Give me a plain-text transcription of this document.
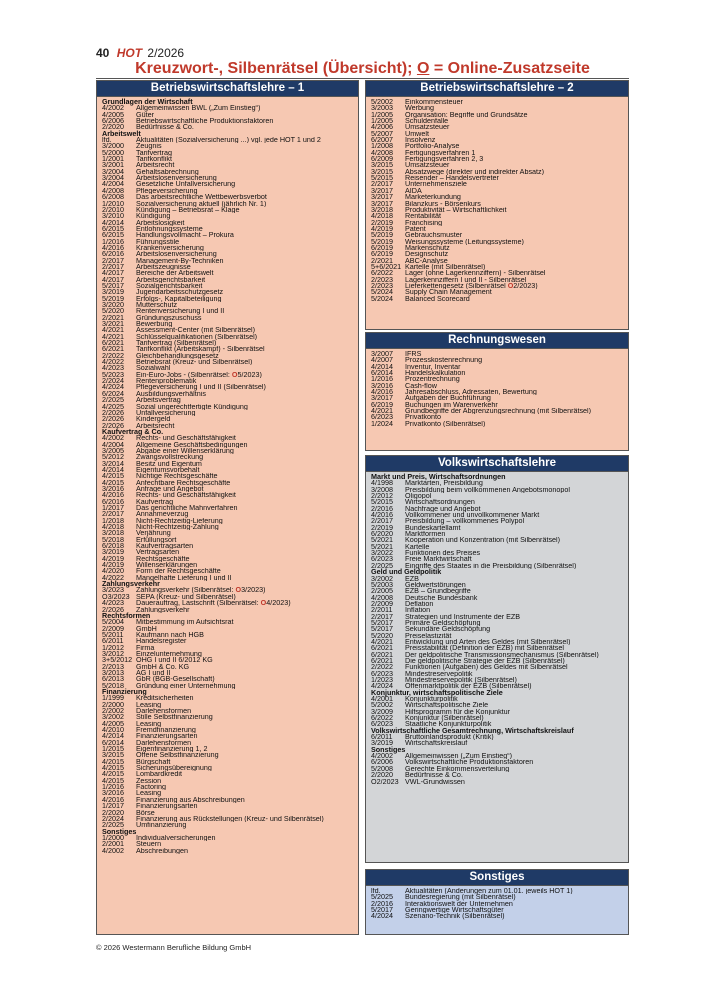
40 HOT 2/2026
Kreuzwort-, Silbenrätsel (Übersicht); O = Online-Zusatzseite
Betriebswirtschaftslehre – 1
Grundlagen der Wirtschaft
4/2002 Allgemeinwissen BWL („Zum Einstieg“)
4/2005 Güter
6/2006 Betriebswirtschaftliche Produktionsfaktoren
2/2020 Bedürfnisse & Co.
Arbeitswelt
lfd.	Aktualitäten (Sozialversicherung ...) vgl. jede HOT 1 und 2
3/2000 Zeugnis
5/2000 Tarifvertrag
1/2001 Tarifkonflikt
3/2001 Arbeitsrecht
3/2004 Gehaltsabrechnung
3/2004 Arbeitslosenversicherung
4/2004 Gesetzliche Unfallversicherung
4/2008 Pflegeversicherung
6/2008 Das arbeitsrechtliche Wettbewerbsverbot
1/2010 Sozialversicherung aktuell (jährlich Nr. 1)
2/2010 Kündigung – Betriebsrat – Klage
3/2010 Kündigung
4/2014 Arbeitslosigkeit
6/2015 Entlohnungssysteme
6/2015 Handlungsvollmacht – Prokura
1/2016 Führungsstile
4/2016 Krankenversicherung
6/2016 Arbeitslosenversicherung
2/2017 Management-By-Techniken
2/2017 Arbeitszeugnisse
4/2017 Bereiche der Arbeitswelt
4/2017 Arbeitsgerichtsbarkeit
5/2017 Sozialgerichtsbarkeit
3/2019 Jugendarbeitsschutzgesetz
5/2019 Erfolgs-, Kapitalbeteiligung
3/2020 Mutterschutz
5/2020 Rentenversicherung I und II
2/2021 Gründungszuschuss
3/2021 Bewerbung
4/2021 Assessment-Center (mit Silbenrätsel)
4/2021 Schlüsselqualifikationen (Silbenrätsel)
6/2021 Tarifvertrag (Silbenrätsel)
6/2021 Tarifkonflikt (Arbeitskampf) - Silbenrätsel
2/2022 Gleichbehandlungsgesetz
4/2022 Betriebsrat (Kreuz- und Silbenrätsel)
4/2023 Sozialwahl
5/2023 Ein-Euro-Jobs - (Silbenrätsel: O5/2023)
2/2024 Rentenproblematik
4/2024 Pflegeversicherung I und II (Silbenrätsel)
6/2024 Ausbildungsverhältnis
2/2025 Arbeitsvertrag
4/2025 Sozial ungerechtfertigte Kündigung
2/2026 Unfallversicherung
2/2026 Kindergeld
2/2026 Arbeitsrecht
Kaufvertrag & Co.
4/2002 Rechts- und Geschäftsfähigkeit
4/2004 Allgemeine Geschäftsbedingungen
3/2005 Abgabe einer Willenserklärung
5/2012 Zwangsvollstreckung
3/2014 Besitz und Eigentum
4/2014 Eigentumsvorbehalt
4/2015 Nichtige Rechtsgeschäfte
4/2015 Anfechtbare Rechtsgeschäfte
3/2016 Anfrage und Angebot
4/2016 Rechts- und Geschäftsfähigkeit
6/2016 Kaufvertrag
1/2017 Das gerichtliche Mahnverfahren
2/2017 Annahmeverzug
1/2018 Nicht-Rechtzeitig-Lieferung
4/2018 Nicht-Rechtzeitig-Zahlung
3/2018 Verjährung
5/2018 Erfüllungsort
6/2018 Kaufvertragsarten
3/2019 Vertragsarten
4/2019 Rechtsgeschäfte
4/2019 Willenserklärungen
4/2020 Form der Rechtsgeschäfte
4/2022 Mangelhafte Lieferung I und II
Zahlungsverkehr
3/2023 Zahlungsverkehr (Silbenrätsel: O3/2023)
O3/2023 SEPA (Kreuz- und Silbenrätsel)
4/2023 Dauerauftrag, Lastschrift (Silbenrätsel: O4/2023)
2/2026 Zahlungsverkehr
Rechtsformen
5/2004 Mitbestimmung im Aufsichtsrat
2/2009 GmbH
5/2011 Kaufmann nach HGB
6/2011 Handelsregister
1/2012 Firma
3/2012 Einzelunternehmung
3+5/2012 OHG I und II 6/2012 KG
2/2013 GmbH & Co. KG
3/2013 AG I und II
6/2013 GbR (BGB-Gesellschaft)
5/2018 Gründung einer Unternehmung
Finanzierung
1/1999 Kreditsicherheiten
2/2000 Leasing
2/2002 Darlehensformen
3/2002 Stille Selbstfinanzierung
4/2005 Leasing
4/2010 Fremdfinanzierung
4/2014 Finanzierungsarten
6/2014 Darlehensformen
1/2015 Eigenfinanzierung 1, 2
3/2015 Offene Selbstfinanzierung
4/2015 Bürgschaft
4/2015 Sicherungsübereignung
4/2015 Lombardkredit
4/2015 Zession
1/2016 Factoring
3/2016 Leasing
4/2016 Finanzierung aus Abschreibungen
1/2017 Finanzierungsarten
2/2020 Börse
2/2024 Finanzierung aus Rückstellungen (Kreuz- und Silbenrätsel)
2/2025 Umfinanzierung
Sonstiges
1/2000 Individualversicherungen
2/2001 Steuern
4/2002 Abschreibungen
Betriebswirtschaftslehre – 2
5/2002 Einkommensteuer
3/2003 Werbung
1/2005 Organisation: Begriffe und Grundsätze
1/2005 Schuldenfalle
4/2006 Umsatzsteuer
5/2007 Umwelt
6/2007 Insolvenz
1/2008 Portfolio-Analyse
4/2008 Fertigungsverfahren 1
6/2009 Fertigungsverfahren 2, 3
3/2015 Umsatzsteuer
3/2015 Absatzwege (direkter und indirekter Absatz)
5/2015 Reisender – Handelsvertreter
2/2017 Unternehmensziele
3/2017 AIDA
3/2017 Marketerkundung
3/2017 Bilanzkurs - Börsenkurs
3/2018 Produktivität – Wirtschaftlichkeit
4/2018 Rentabilität
2/2019 Franchising
4/2019 Patent
5/2019 Gebrauchsmuster
5/2019 Weisungssysteme (Leitungssysteme)
6/2019 Markenschutz
6/2019 Designschutz
2/2021 ABC-Analyse
5+6/2021 Kartelle (mit Silbenrätsel)
6/2022 Lager (ohne Lagerkennziffern) - Silbenrätsel
2/2023 Lagerkennziffern I und II - Silbenrätsel
2/2023 Lieferkettengesetz (Silbenrätsel O2/2023)
5/2024 Supply Chain Management
5/2024 Balanced Scorecard
Rechnungswesen
3/2007 IFRS
4/2007 Prozesskostenrechnung
4/2014 Inventur, Inventar
6/2014 Handelskalkulation
1/2016 Prozentrechnung
3/2016 Cash-flow
4/2016 Jahresabschluss, Adressaten, Bewertung
3/2017 Aufgaben der Buchführung
6/2019 Buchungen im Warenverkehr
4/2021 Grundbegriffe der Abgrenzungsrechnung (mit Silbenrätsel)
6/2023 Privatkonto
1/2024 Privatkonto (Silbenrätsel)
Volkswirtschaftslehre
Markt und Preis, Wirtschaftsordnungen
4/1998 Marktarten, Preisbildung
3/2008 Preisbildung beim vollkommenen Angebotsmonopol
2/2012 Oligopol
5/2015 Wirtschaftsordnungen
2/2016 Nachfrage und Angebot
4/2016 Vollkommener und unvollkommener Markt
2/2017 Preisbildung – vollkommenes Polypol
2/2019 Bundeskartellamt
6/2020 Marktformen
5/2021 Kooperation und Konzentration (mit Silbenrätsel)
5/2021 Kartelle
3/2022 Funktionen des Preises
6/2023 Freie Marktwirtschaft
2/2025 Eingriffe des Staates in die Preisbildung (Silbenrätsel)
Geld und Geldpolitik
3/2002 EZB
5/2003 Geldwertstörungen
2/2005 EZB – Grundbegriffe
4/2008 Deutsche Bundesbank
2/2009 Deflation
2/2011 Inflation
2/2017 Strategien und Instrumente der EZB
5/2017 Primäre Geldschöpfung
5/2017 Sekundäre Geldschöpfung
5/2020 Preiselastizität
4/2021 Entwicklung und Arten des Geldes (mit Silbenrätsel)
6/2021 Preisstabilität (Definition der EZB) mit Silbenrätsel
6/2021 Der geldpolitische Transmissionsmechanismus (Silbenrätsel)
6/2021 Die geldpolitische Strategie der EZB (Silbenrätsel)
2/2022 Funktionen (Aufgaben) des Geldes mit Silbenrätsel
6/2023 Mindestreservepolitik
1/2023 Mindestreservepolitik (Silbenrätsel)
4/2024 Offenmarktpolitik der EZB (Silbenrätsel)
Konjunktur, wirtschaftspolitische Ziele
4/2001 Konjunkturpolitik
5/2002 Wirtschaftspolitische Ziele
3/2009 Hilfsprogramm für die Konjunktur
6/2022 Konjunktur (Silbenrätsel)
6/2023 Staatliche Konjunkturpolitik
Volkswirtschaftliche Gesamtrechnung, Wirtschaftskreislauf
6/2011 Bruttoinlandsprodukt (Kritik)
3/2019 Wirtschaftskreislauf
Sonstiges
4/2002 Allgemeinwissen („Zum Einstieg“)
6/2006 Volkswirtschaftliche Produktionsfaktoren
5/2008 Gerechte Einkommensverteilung
2/2020 Bedürfnisse & Co.
O2/2023 VWL-Grundwissen
Sonstiges
lfd.	Aktualitäten (Änderungen zum 01.01. jeweils HOT 1)
5/2025 Bundesregierung (mit Silbenrätsel)
2/2016 Interaktionswelt der Unternehmen
5/2017 Geringwertige Wirtschaftsgüter
4/2024 Szenario-Technik (Silbenrätsel)
© 2026 Westermann Berufliche Bildung GmbH
